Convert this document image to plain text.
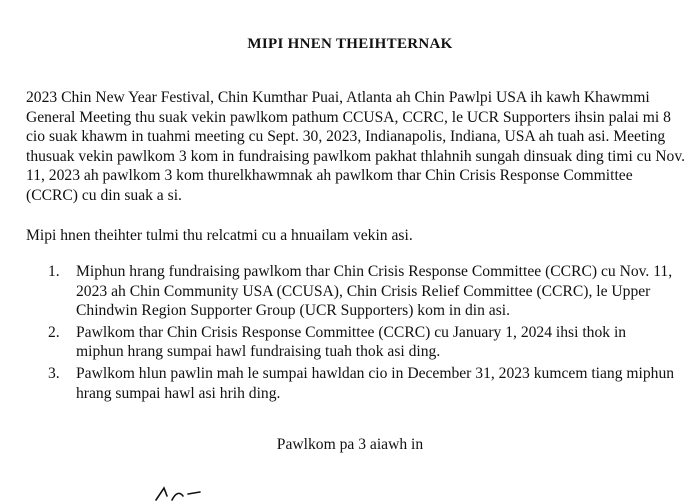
MIPI HNEN THEIHTERNAK

2023 Chin New Year Festival, Chin Kumthar Puai, Atlanta ah Chin Pawlpi USA ih kawh Khawmmi General Meeting thu suak vekin pawlkom pathum CCUSA, CCRC, le UCR Supporters ihsin palai mi 8 cio suak khawm in tuahmi meeting cu Sept. 30, 2023, Indianapolis, Indiana, USA ah tuah asi. Meeting thusuak vekin pawlkom 3 kom in fundraising pawlkom pakhat thlahnih sungah dinsuak ding timi cu Nov. 11, 2023 ah pawlkom 3 kom thurelkhawmnak ah pawlkom thar Chin Crisis Response Committee (CCRC) cu din suak a si.

Mipi hnen theihter tulmi thu relcatmi cu a hnuailam vekin asi.

1. Miphun hrang fundraising pawlkom thar Chin Crisis Response Committee (CCRC) cu Nov. 11, 2023 ah Chin Community USA (CCUSA), Chin Crisis Relief Committee (CCRC), le Upper Chindwin Region Supporter Group (UCR Supporters) kom in din asi.
2. Pawlkom thar Chin Crisis Response Committee (CCRC) cu January 1, 2024 ihsi thok in miphun hrang sumpai hawl fundraising tuah thok asi ding.
3. Pawlkom hlun pawlin mah le sumpai hawldan cio in December 31, 2023 kumcem tiang miphun hrang sumpai hawl asi hrih ding.
Pawlkom pa 3 aiawh in
